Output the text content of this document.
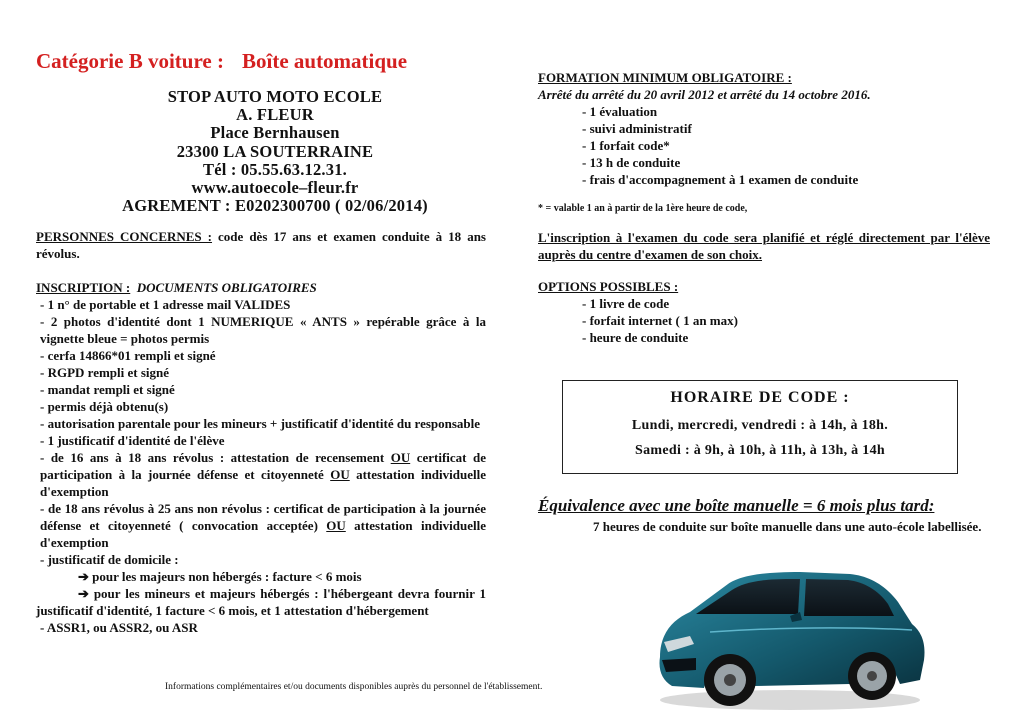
Catégorie B voiture : Boîte automatique
STOP AUTO MOTO ECOLE
A. FLEUR
Place Bernhausen
23300 LA SOUTERRAINE
Tél : 05.55.63.12.31.
www.autoecole–fleur.fr
AGREMENT : E0202300700 ( 02/06/2014)
PERSONNES CONCERNES : code dès 17 ans et examen conduite à 18 ans révolus.
INSCRIPTION : DOCUMENTS OBLIGATOIRES
- 1 n° de portable et 1 adresse mail VALIDES
- 2 photos d'identité dont 1 NUMERIQUE « ANTS » repérable grâce à la vignette bleue = photos permis
- cerfa 14866*01 rempli et signé
- RGPD rempli et signé
- mandat rempli et signé
- permis déjà obtenu(s)
- autorisation parentale pour les mineurs + justificatif d'identité du responsable
- 1 justificatif d'identité de l'élève
- de 16 ans à 18 ans révolus : attestation de recensement OU certificat de participation à la journée défense et citoyenneté OU attestation individuelle d'exemption
- de 18 ans révolus à 25 ans non révolus : certificat de participation à la journée défense et citoyenneté ( convocation acceptée) OU attestation individuelle d'exemption
- justificatif de domicile :
➔ pour les majeurs non hébergés : facture < 6 mois
➔ pour les mineurs et majeurs hébergés : l'hébergeant devra fournir 1 justificatif d'identité, 1 facture < 6 mois, et 1 attestation d'hébergement
- ASSR1, ou ASSR2, ou ASR
FORMATION MINIMUM OBLIGATOIRE :
Arrêté du arrêté du 20 avril 2012 et arrêté du 14 octobre 2016.
- 1 évaluation
- suivi administratif
- 1 forfait code*
- 13 h de conduite
- frais d'accompagnement à 1 examen de conduite
* = valable 1 an à partir de la 1ère heure de code,
L'inscription à l'examen du code sera planifié et réglé directement par l'élève auprès du centre d'examen de son choix.
OPTIONS POSSIBLES :
- 1 livre de code
- forfait internet ( 1 an max)
- heure de conduite
HORAIRE DE CODE :
Lundi, mercredi, vendredi : à 14h, à 18h.
Samedi : à 9h, à 10h, à 11h, à 13h, à 14h
Équivalence avec une boîte manuelle = 6 mois plus tard:
7 heures de conduite sur boîte manuelle dans une auto-école labellisée.
Informations complémentaires et/ou documents disponibles auprès du personnel de l'établissement.
